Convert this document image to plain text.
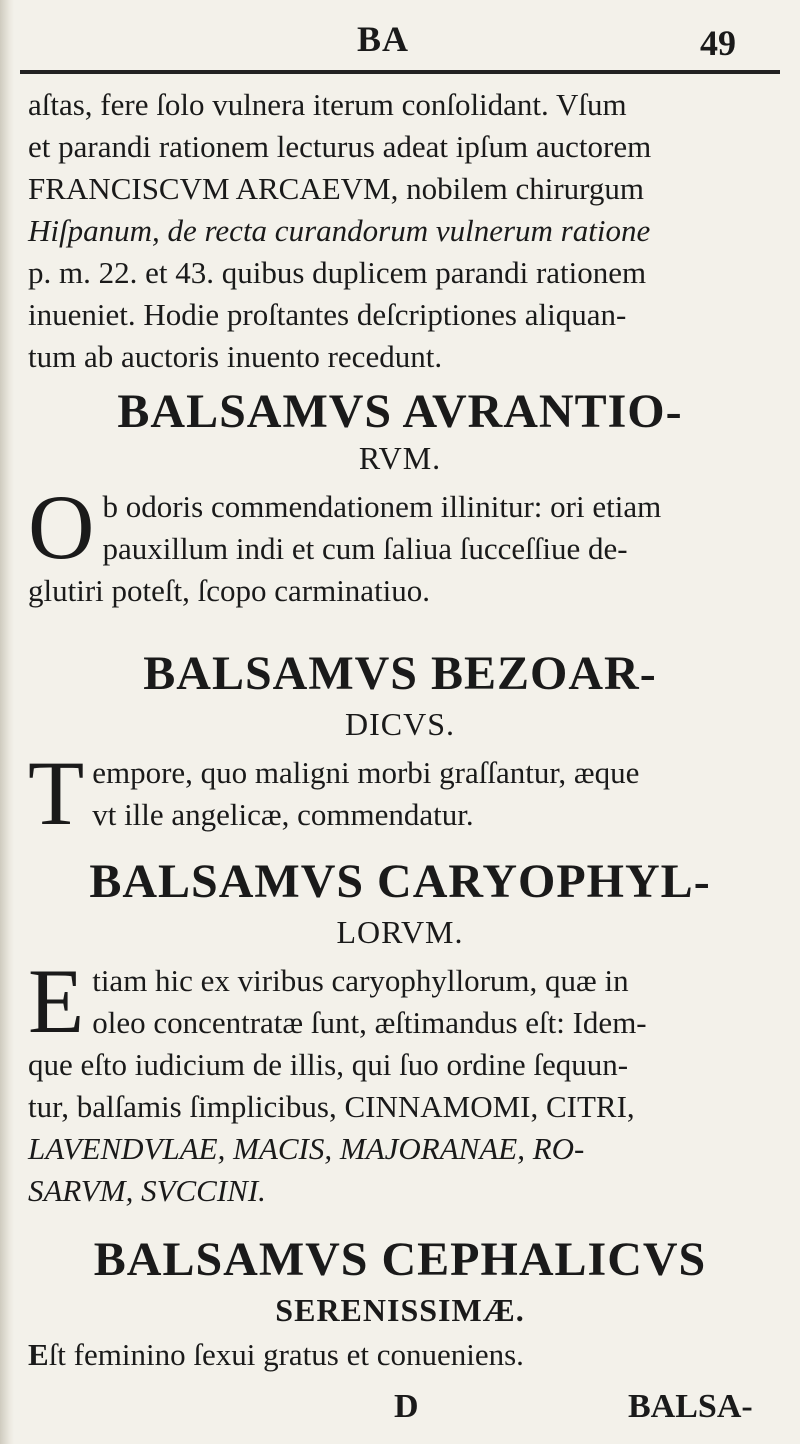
BA	49
aſtas, fere ſolo vulnera iterum conſolidant. Vſum
et parandi rationem lecturus adeat ipſum auctorem
FRANCISCVM ARCAEVM, nobilem chirurgum
Hiſpanum, de recta curandorum vulnerum ratione
p. m. 22. et 43. quibus duplicem parandi rationem
inueniet. Hodie proſtantes deſcriptiones aliquan-
tum ab auctoris inuento recedunt.
BALSAMVS AVRANTIO-
RVM.
O b odoris commendationem illinitur: ori etiam
pauxillum indi et cum ſaliua ſucceſſiue de-
glutiri poteſt, ſcopo carminatiuo.
BALSAMVS BEZOAR-
DICVS.
T empore, quo maligni morbi graſſantur, æque
vt ille angelicæ, commendatur.
BALSAMVS CARYOPHYL-
LORVM.
E tiam hic ex viribus caryophyllorum, quæ in
oleo concentratæ ſunt, æſtimandus eſt: Idem-
que eſto iudicium de illis, qui ſuo ordine ſequun-
tur, balſamis ſimplicibus, CINNAMOMI, CITRI,
LAVENDVLAE, MACIS, MAJORANAE, RO-
SARVM, SVCCINI.
BALSAMVS CEPHALICVS
SERENISSIMÆ.
Eſt feminino ſexui gratus et conueniens.
D	BALSA-
